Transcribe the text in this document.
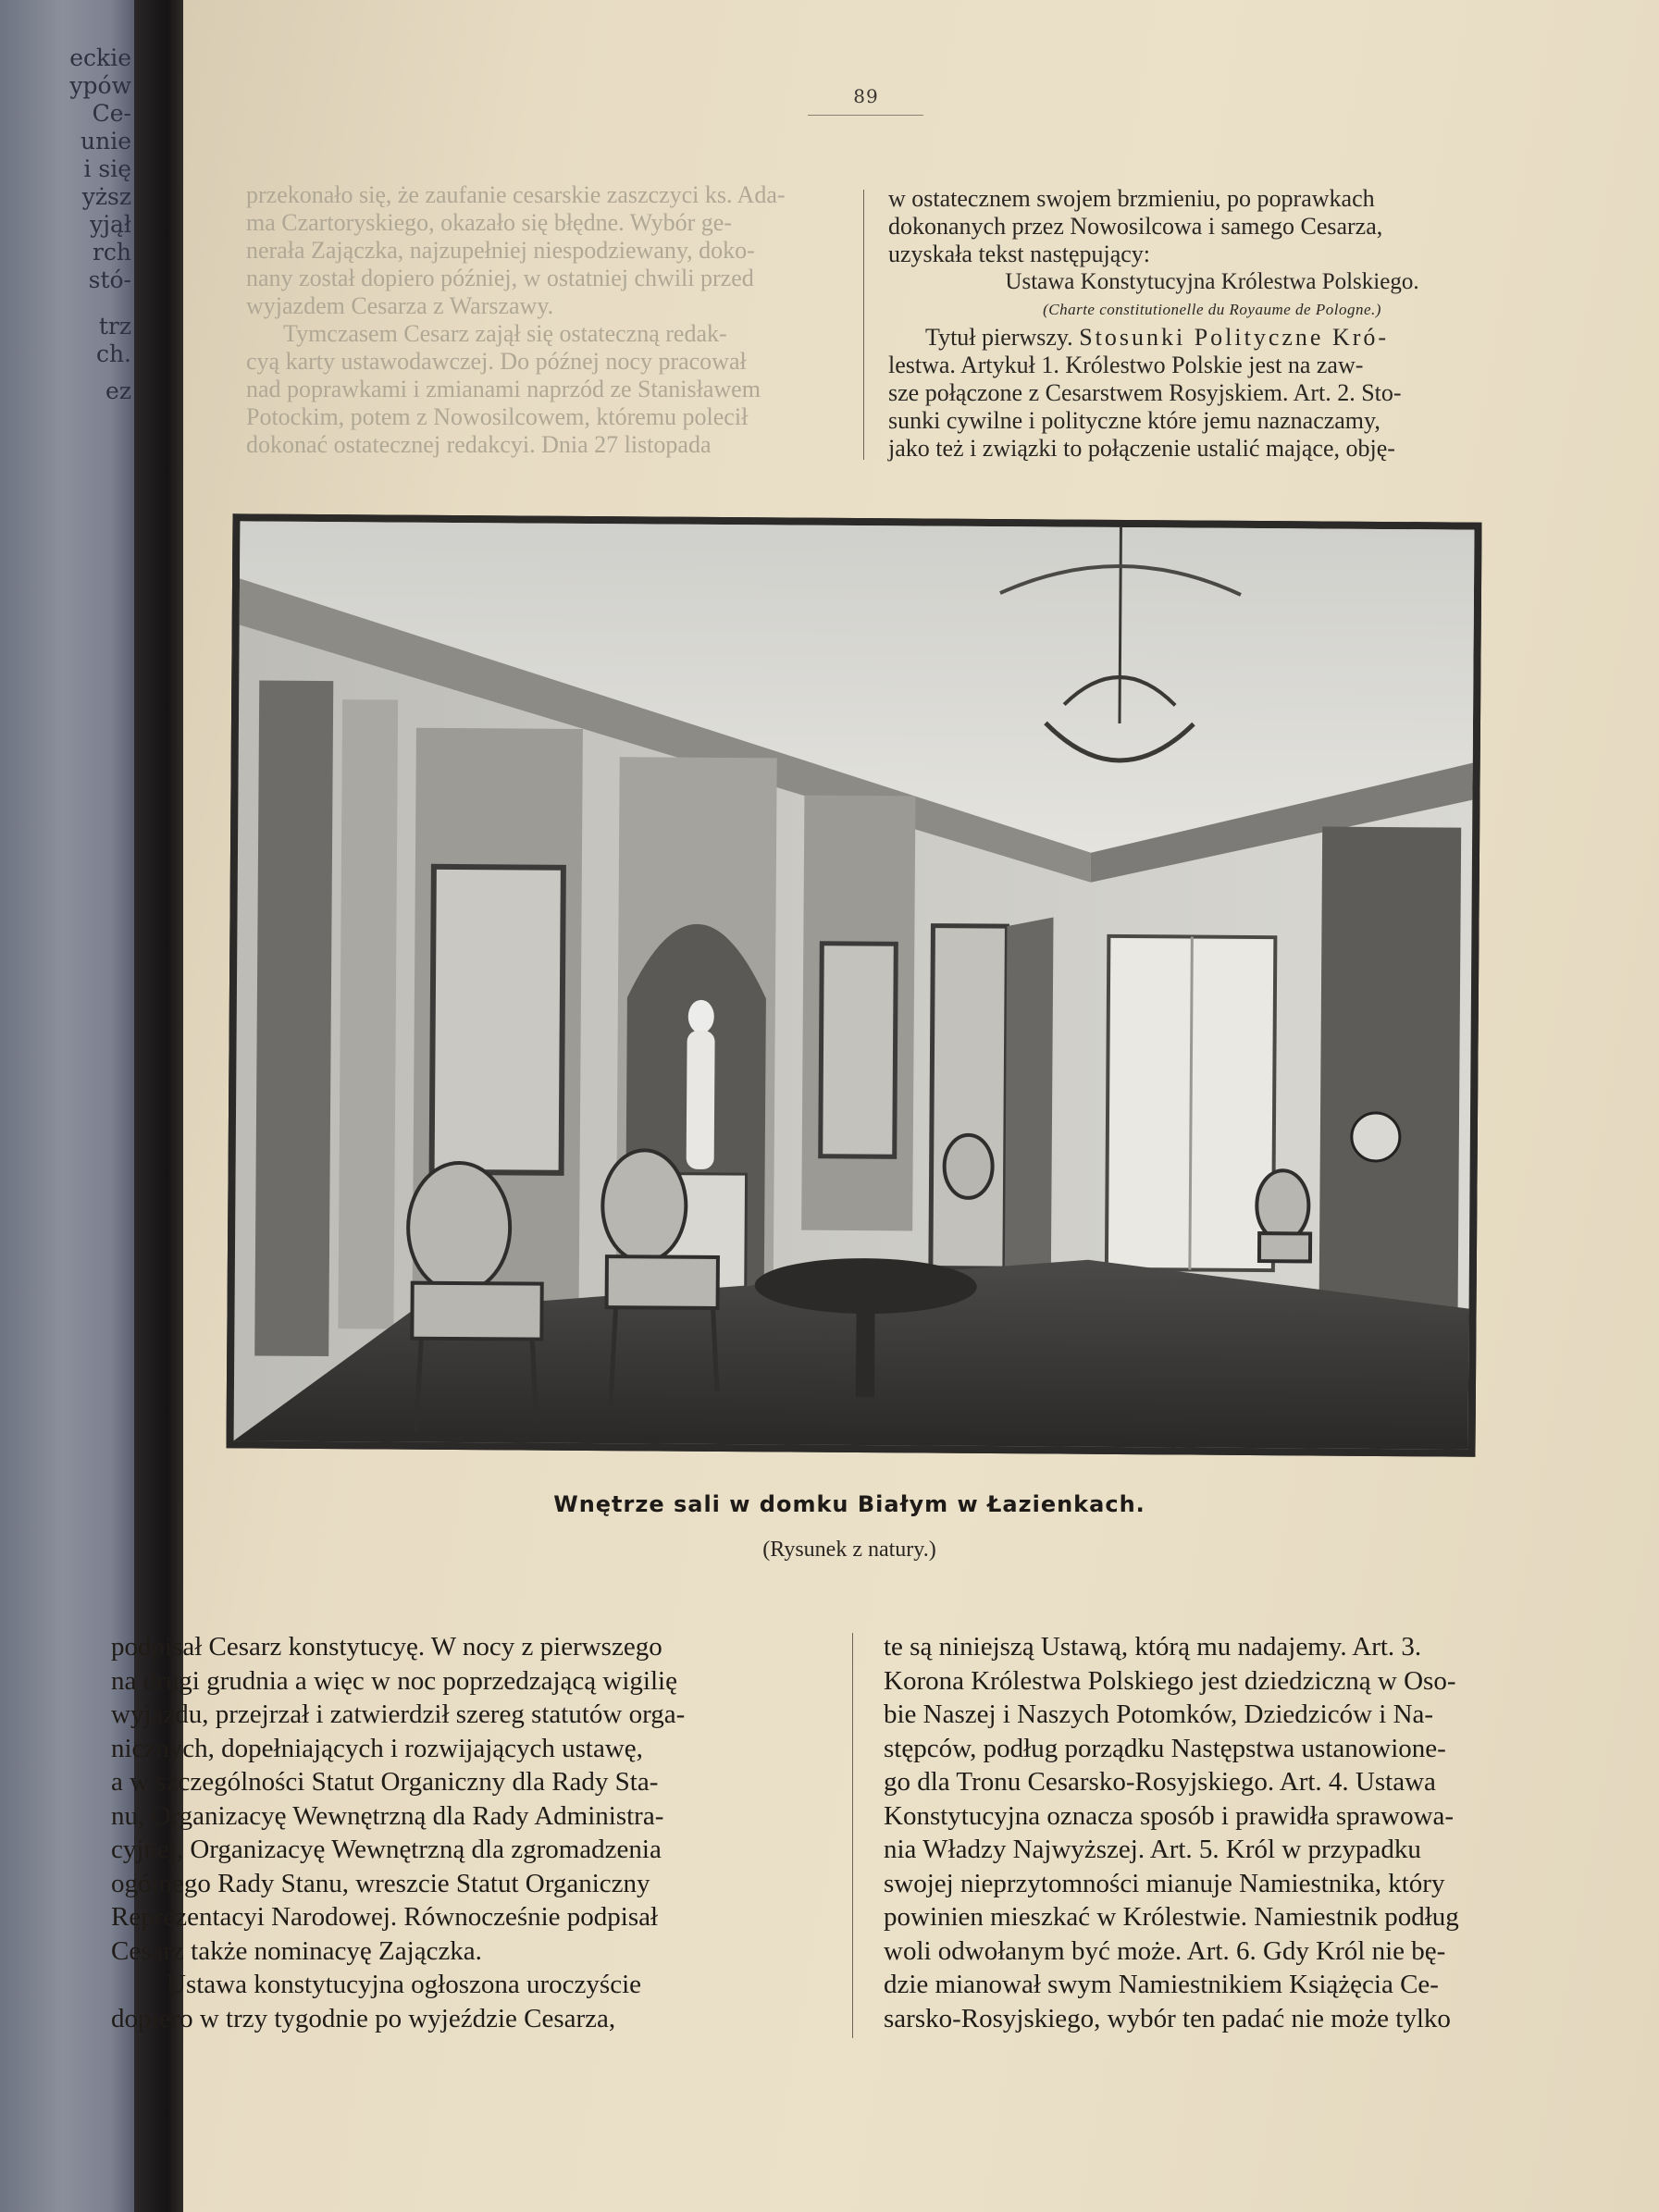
eckie
ypów
Ce-
unie
i się
yższ
yjął
rch
stó-
trz
ch.
ez
89
przekonało się, że zaufanie cesarskie zaszczyci ks. Ada-
ma Czartoryskiego, okazało się błędne. Wybór ge-
nerała Zajączka, najzupełniej niespodziewany, doko-
nany został dopiero później, w ostatniej chwili przed
wyjazdem Cesarza z Warszawy.
Tymczasem Cesarz zajął się ostateczną redak-
cyą karty ustawodawczej. Do późnej nocy pracował
nad poprawkami i zmianami naprzód ze Stanisławem
Potockim, potem z Nowosilcowem, któremu polecił
dokonać ostatecznej redakcyi. Dnia 27 listopada
w ostatecznem swojem brzmieniu, po poprawkach
dokonanych przez Nowosilcowa i samego Cesarza,
uzyskała tekst następujący:
Ustawa Konstytucyjna Królestwa Polskiego.
(Charte constitutionelle du Royaume de Pologne.)
Tytuł pierwszy. Stosunki Polityczne Kró-
lestwa. Artykuł 1. Królestwo Polskie jest na zaw-
sze połączone z Cesarstwem Rosyjskiem. Art. 2. Sto-
sunki cywilne i polityczne które jemu naznaczamy,
jako też i związki to połączenie ustalić mające, obję-
Wnętrze sali w domku Białym w Łazienkach.
(Rysunek z natury.)
podpisał Cesarz konstytucyę. W nocy z pierwszego
na drugi grudnia a więc w noc poprzedzającą wigilię
wyjazdu, przejrzał i zatwierdził szereg statutów orga-
nicznych, dopełniających i rozwijających ustawę,
a w szczególności Statut Organiczny dla Rady Sta-
nu, Organizacyę Wewnętrzną dla Rady Administra-
cyjnej, Organizacyę Wewnętrzną dla zgromadzenia
ogólnego Rady Stanu, wreszcie Statut Organiczny
Reprezentacyi Narodowej. Równocześnie podpisał
Cesarz także nominacyę Zajączka.
Ustawa konstytucyjna ogłoszona uroczyście
dopiero w trzy tygodnie po wyjeździe Cesarza,
te są niniejszą Ustawą, którą mu nadajemy. Art. 3.
Korona Królestwa Polskiego jest dziedziczną w Oso-
bie Naszej i Naszych Potomków, Dziedziców i Na-
stępców, podług porządku Następstwa ustanowione-
go dla Tronu Cesarsko-Rosyjskiego. Art. 4. Ustawa
Konstytucyjna oznacza sposób i prawidła sprawowa-
nia Władzy Najwyższej. Art. 5. Król w przypadku
swojej nieprzytomności mianuje Namiestnika, który
powinien mieszkać w Królestwie. Namiestnik podług
woli odwołanym być może. Art. 6. Gdy Król nie bę-
dzie mianował swym Namiestnikiem Książęcia Ce-
sarsko-Rosyjskiego, wybór ten padać nie może tylko
